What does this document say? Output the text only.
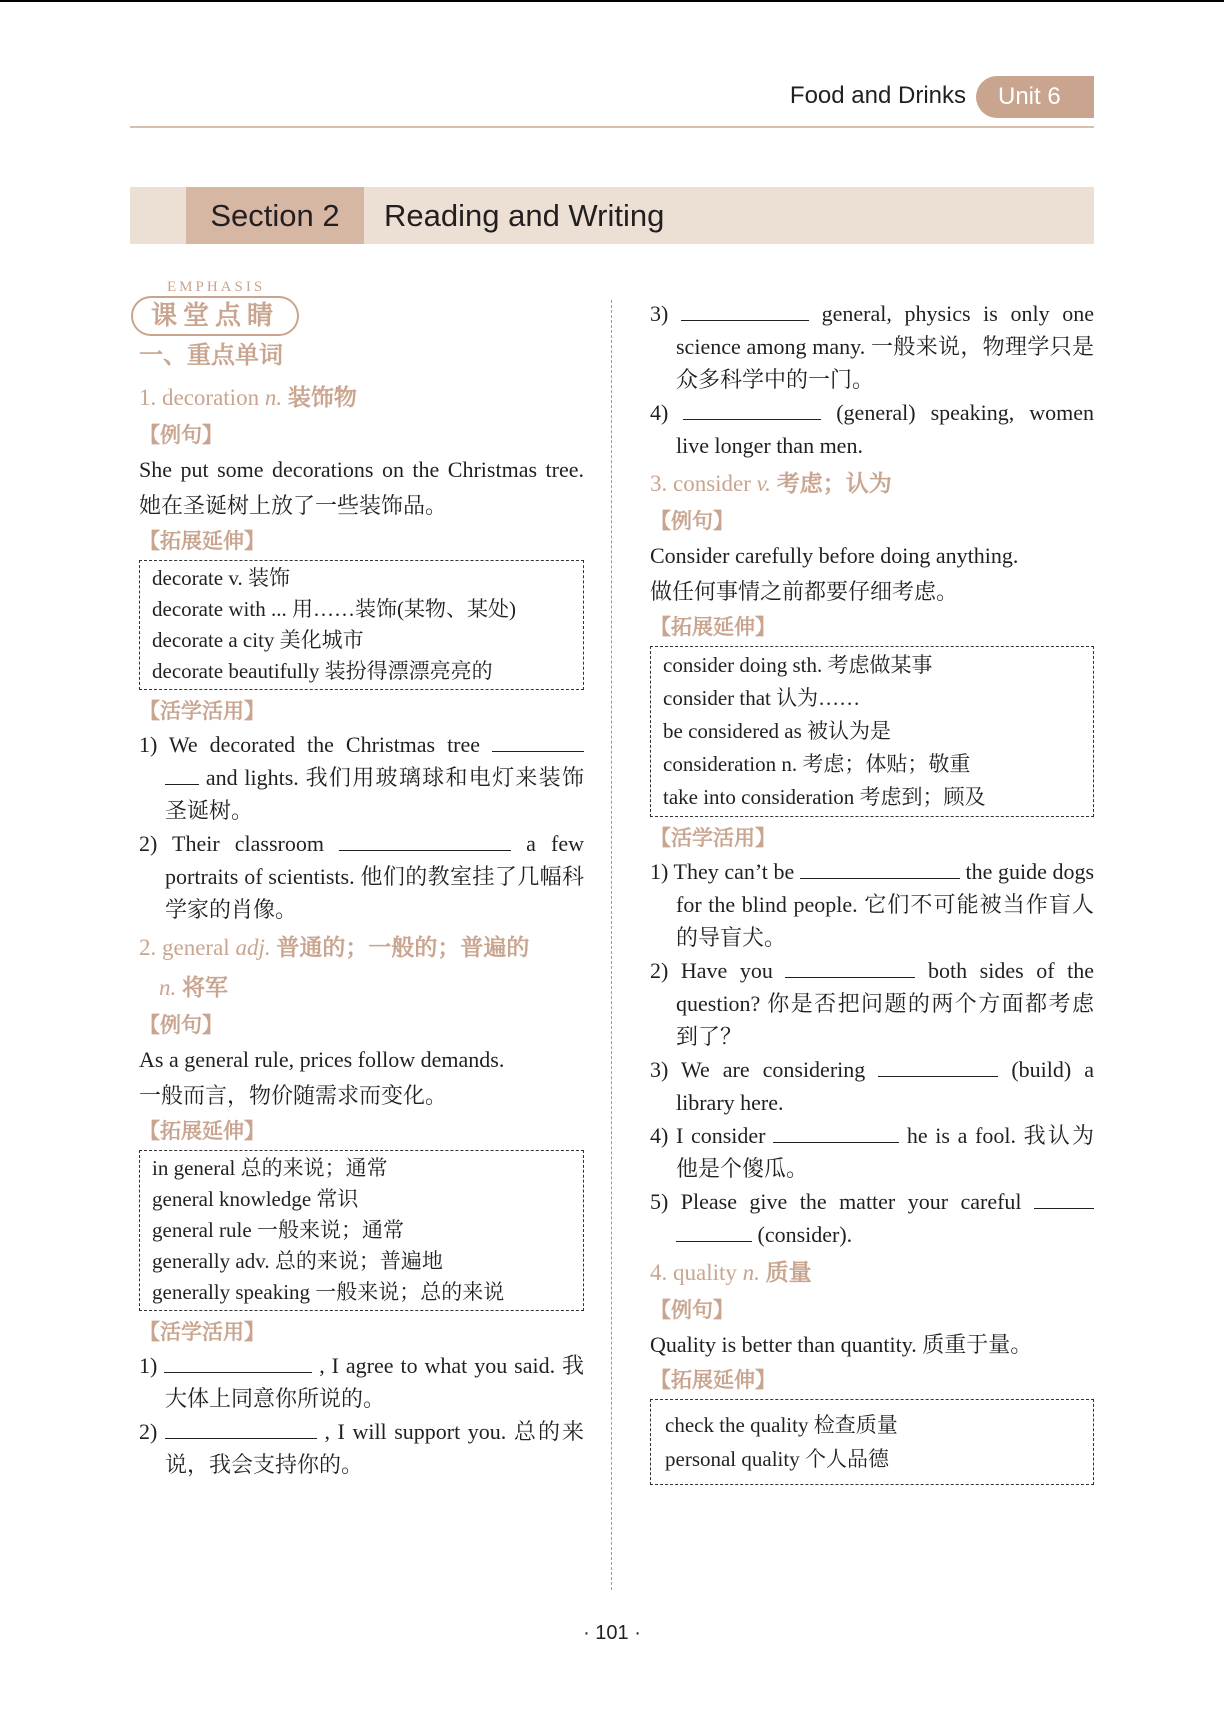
Food and Drinks	Unit 6
Section 2	Reading and Writing
EMPHASIS
课堂点睛
一、重点单词
1. decoration n. 装饰物
【例句】
She put some decorations on the Christmas tree. 她在圣诞树上放了一些装饰品。
【拓展延伸】
decorate v. 装饰
decorate with ... 用……装饰(某物、某处)
decorate a city 美化城市
decorate beautifully 装扮得漂漂亮亮的
【活学活用】
1) We decorated the Christmas tree   and lights. 我们用玻璃球和电灯来装饰圣诞树。
2) Their classroom	a few portraits of scientists. 他们的教室挂了几幅科学家的肖像。
2. general adj. 普通的；一般的；普遍的
n. 将军
【例句】
As a general rule, prices follow demands.
一般而言，物价随需求而变化。
【拓展延伸】
in general 总的来说；通常
general knowledge 常识
general rule 一般来说；通常
generally adv. 总的来说；普遍地
generally speaking 一般来说；总的来说
【活学活用】
1)	, I agree to what you said. 我大体上同意你所说的。
2)	, I will support you. 总的来说，我会支持你的。
3)	general, physics is only one science among many. 一般来说，物理学只是众多科学中的一门。
4)	(general) speaking, women live longer than men.
3. consider v. 考虑；认为
【例句】
Consider carefully before doing anything.
做任何事情之前都要仔细考虑。
【拓展延伸】
consider doing sth. 考虑做某事
consider that 认为……
be considered as 被认为是
consideration n. 考虑；体贴；敬重
take into consideration 考虑到；顾及
【活学活用】
1) They can’t be	the guide dogs for the blind people. 它们不可能被当作盲人的导盲犬。
2) Have you	both sides of the question? 你是否把问题的两个方面都考虑到了？
3) We are considering	(build) a library here.
4) I consider	he is a fool. 我认为他是个傻瓜。
5) Please give the matter your careful   (consider).
4. quality n. 质量
【例句】
Quality is better than quantity. 质重于量。
【拓展延伸】
check the quality 检查质量
personal quality 个人品德
· 101 ·
